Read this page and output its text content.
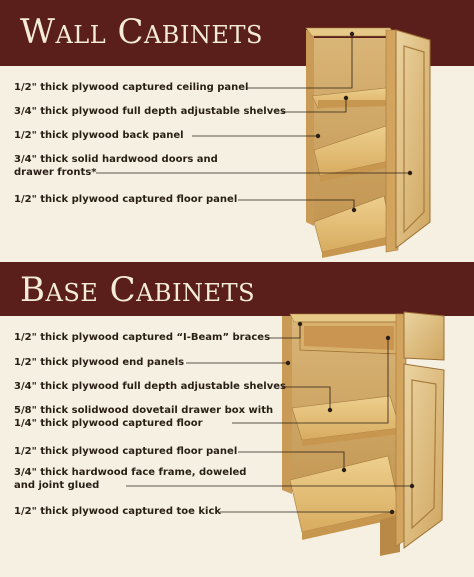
Wall Cabinets
Base Cabinets
1/2" thick plywood captured ceiling panel
3/4" thick plywood full depth adjustable shelves
1/2" thick plywood back panel
3/4" thick solid hardwood doors and
drawer fronts*
1/2" thick plywood captured floor panel
1/2" thick plywood captured “I-Beam” braces
1/2" thick plywood end panels
3/4" thick plywood full depth adjustable shelves
5/8" thick solidwood dovetail drawer box with
1/4" thick plywood captured floor
1/2" thick plywood captured floor panel
3/4" thick hardwood face frame, doweled
and joint glued
1/2" thick plywood captured toe kick
